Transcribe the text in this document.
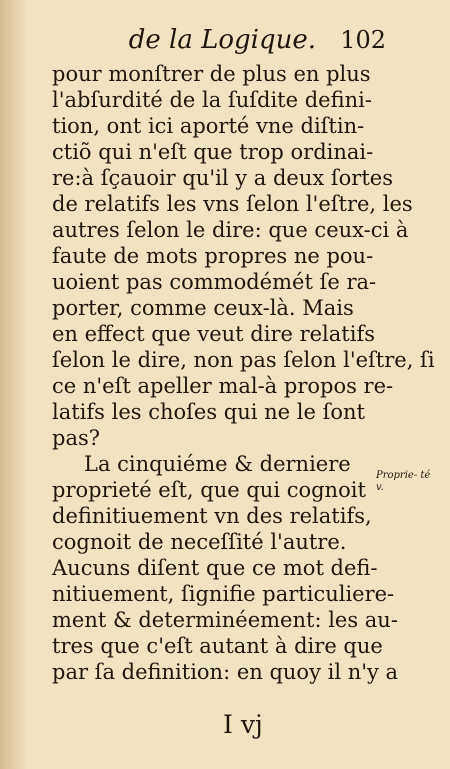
de la Logique. 102
pour monſtrer de plus en plus
l'abſurdité de la ſuſdite defini-
tion, ont ici aporté vne diſtin-
ctiõ qui n'eſt que trop ordinai-
re:à ſçauoir qu'il y a deux ſortes
de relatifs les vns ſelon l'eſtre, les
autres ſelon le dire: que ceux-ci à
faute de mots propres ne pou-
uoient pas commodémét ſe ra-
porter, comme ceux-là. Mais
en effect que veut dire relatifs
ſelon le dire, non pas ſelon l'eſtre, ſi
ce n'eſt apeller mal-à propos re-
latifs les choſes qui ne le ſont
pas?
La cinquiéme & derniere
proprieté eſt, que qui cognoit
definitiuement vn des relatifs,
cognoit de neceſſité l'autre.
Aucuns diſent que ce mot defi-
nitiuement, ſignifie particuliere-
ment & determinéement: les au-
tres que c'eſt autant à dire que
par ſa definition: en quoy il n'y a
Proprie- té v.
I vj
